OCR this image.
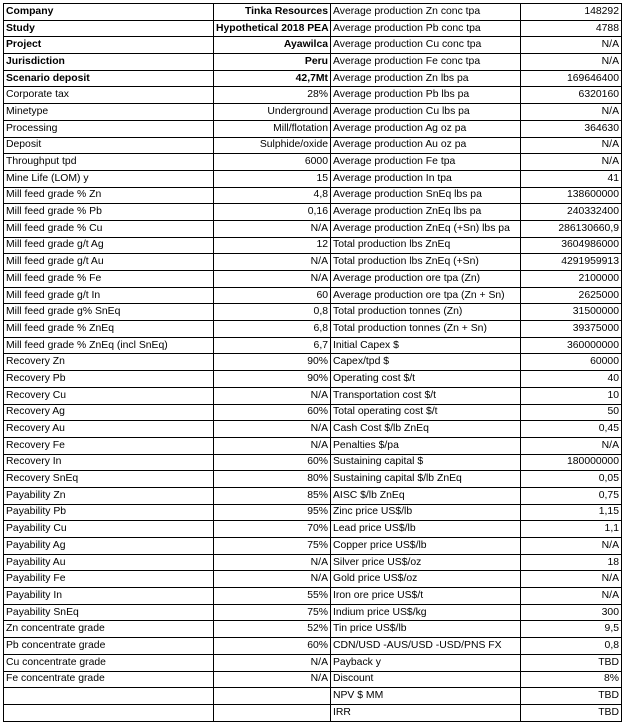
Company	Tinka Resources	Average production Zn conc tpa	148292
Study	Hypothetical 2018 PEA	Average production Pb conc tpa	4788
Project	Ayawilca	Average production Cu conc tpa	N/A
Jurisdiction	Peru	Average production Fe conc tpa	N/A
Scenario deposit	42,7Mt	Average production Zn lbs pa	169646400
Corporate tax	28%	Average production Pb lbs pa	6320160
Minetype	Underground	Average production Cu lbs pa	N/A
Processing	Mill/flotation	Average production Ag oz pa	364630
Deposit	Sulphide/oxide	Average production Au oz pa	N/A
Throughput tpd	6000	Average production Fe tpa	N/A
Mine Life (LOM) y	15	Average production In tpa	41
Mill feed grade % Zn	4,8	Average production SnEq lbs pa	138600000
Mill feed grade % Pb	0,16	Average production ZnEq lbs pa	240332400
Mill feed grade % Cu	N/A	Average production ZnEq (+Sn) lbs pa	286130660,9
Mill feed grade g/t Ag	12	Total production lbs ZnEq	3604986000
Mill feed grade g/t Au	N/A	Total production lbs ZnEq (+Sn)	4291959913
Mill feed grade % Fe	N/A	Average production ore tpa (Zn)	2100000
Mill feed grade g/t In	60	Average production ore tpa (Zn + Sn)	2625000
Mill feed grade g% SnEq	0,8	Total production tonnes (Zn)	31500000
Mill feed grade % ZnEq	6,8	Total production tonnes (Zn + Sn)	39375000
Mill feed grade % ZnEq (incl SnEq)	6,7	Initial Capex $	360000000
Recovery Zn	90%	Capex/tpd $	60000
Recovery Pb	90%	Operating cost $/t	40
Recovery Cu	N/A	Transportation cost $/t	10
Recovery Ag	60%	Total operating cost $/t	50
Recovery Au	N/A	Cash Cost $/lb ZnEq	0,45
Recovery Fe	N/A	Penalties $/pa	N/A
Recovery In	60%	Sustaining capital $	180000000
Recovery SnEq	80%	Sustaining capital $/lb ZnEq	0,05
Payability Zn	85%	AISC $/lb ZnEq	0,75
Payability Pb	95%	Zinc price US$/lb	1,15
Payability Cu	70%	Lead price US$/lb	1,1
Payability Ag	75%	Copper price US$/lb	N/A
Payability Au	N/A	Silver price US$/oz	18
Payability Fe	N/A	Gold price US$/oz	N/A
Payability In	55%	Iron ore price US$/t	N/A
Payability SnEq	75%	Indium price US$/kg	300
Zn concentrate grade	52%	Tin price US$/lb	9,5
Pb concentrate grade	60%	CDN/USD -AUS/USD -USD/PNS FX	0,8
Cu concentrate grade	N/A	Payback y	TBD
Fe concentrate grade	N/A	Discount	8%
		NPV $ MM	TBD
		IRR	TBD
